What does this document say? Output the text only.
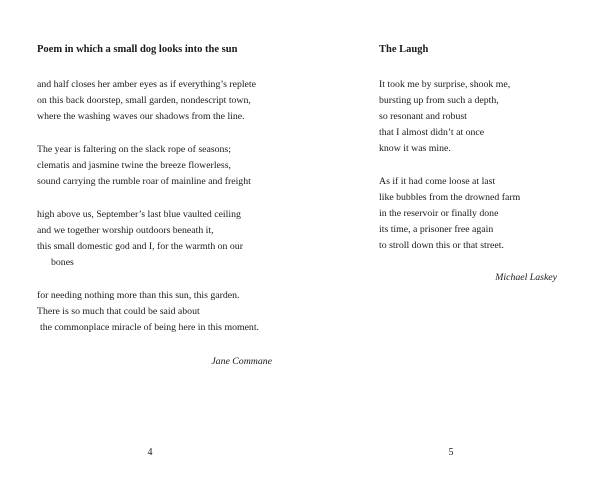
Poem in which a small dog looks into the sun
and half closes her amber eyes as if everything’s replete
on this back doorstep, small garden, nondescript town,
where the washing waves our shadows from the line.
The year is faltering on the slack rope of seasons;
clematis and jasmine twine the breeze flowerless,
sound carrying the rumble roar of mainline and freight
high above us, September’s last blue vaulted ceiling
and we together worship outdoors beneath it,
this small domestic god and I, for the warmth on our
bones
for needing nothing more than this sun, this garden.
There is so much that could be said about
the commonplace miracle of being here in this moment.
Jane Commane
4
The Laugh
It took me by surprise, shook me,
bursting up from such a depth,
so resonant and robust
that I almost didn’t at once
know it was mine.
As if it had come loose at last
like bubbles from the drowned farm
in the reservoir or finally done
its time, a prisoner free again
to stroll down this or that street.
Michael Laskey
5
